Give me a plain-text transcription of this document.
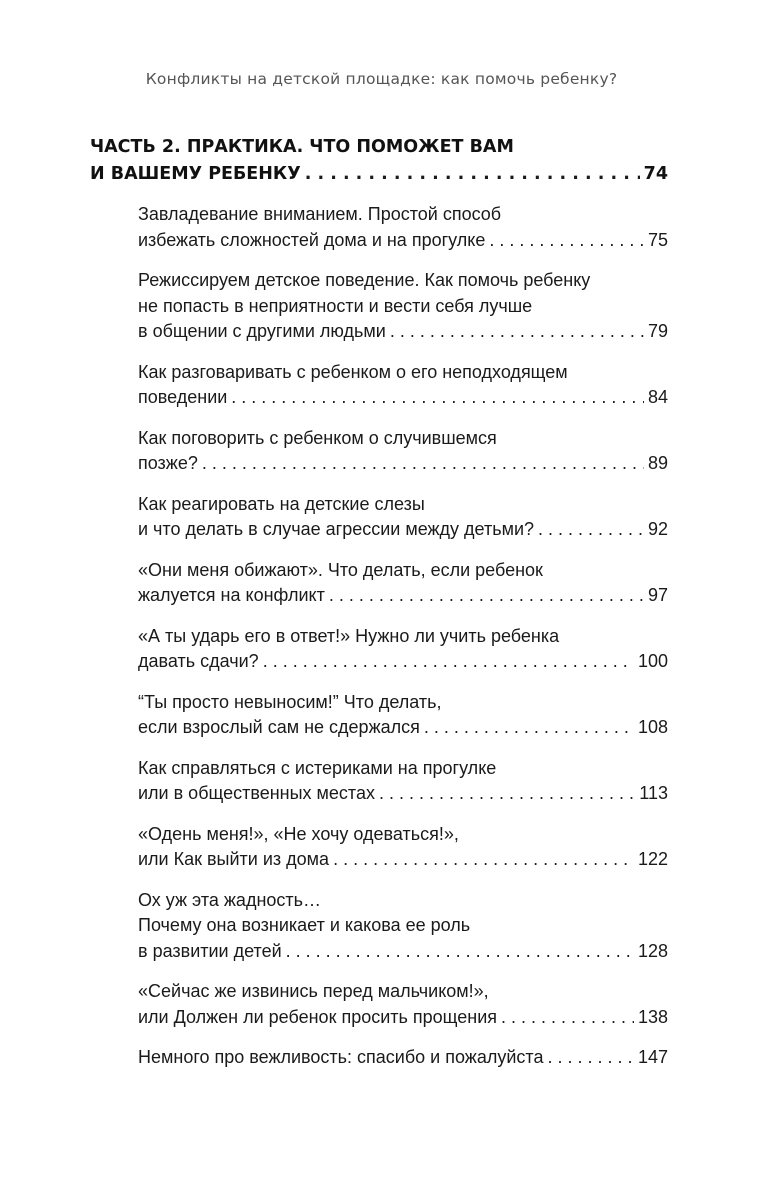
Конфликты на детской площадке: как помочь ребенку?
ЧАСТЬ 2. ПРАКТИКА. ЧТО ПОМОЖЕТ ВАМ
И ВАШЕМУ РЕБЕНКУ . . .	74
Завладевание вниманием. Простой способ
избежать сложностей дома и на прогулке . . .	75
Режиссируем детское поведение. Как помочь ребенку
не попасть в неприятности и вести себя лучше
в общении с другими людьми . . .	79
Как разговаривать с ребенком о его неподходящем
поведении . . .	84
Как поговорить с ребенком о случившемся
позже? . . .	89
Как реагировать на детские слезы
и что делать в случае агрессии между детьми? . . .	92
«Они меня обижают». Что делать, если ребенок
жалуется на конфликт . . .	97
«А ты ударь его в ответ!» Нужно ли учить ребенка
давать сдачи? . . .	100
“Ты просто невыносим!” Что делать,
если взрослый сам не сдержался . . .	108
Как справляться с истериками на прогулке
или в общественных местах . . .	113
«Одень меня!», «Не хочу одеваться!»,
или Как выйти из дома . . .	122
Ох уж эта жадность…
Почему она возникает и какова ее роль
в развитии детей . . .	128
«Сейчас же извинись перед мальчиком!»,
или Должен ли ребенок просить прощения . . .	138
Немного про вежливость: спасибо и пожалуйста . . .	147
